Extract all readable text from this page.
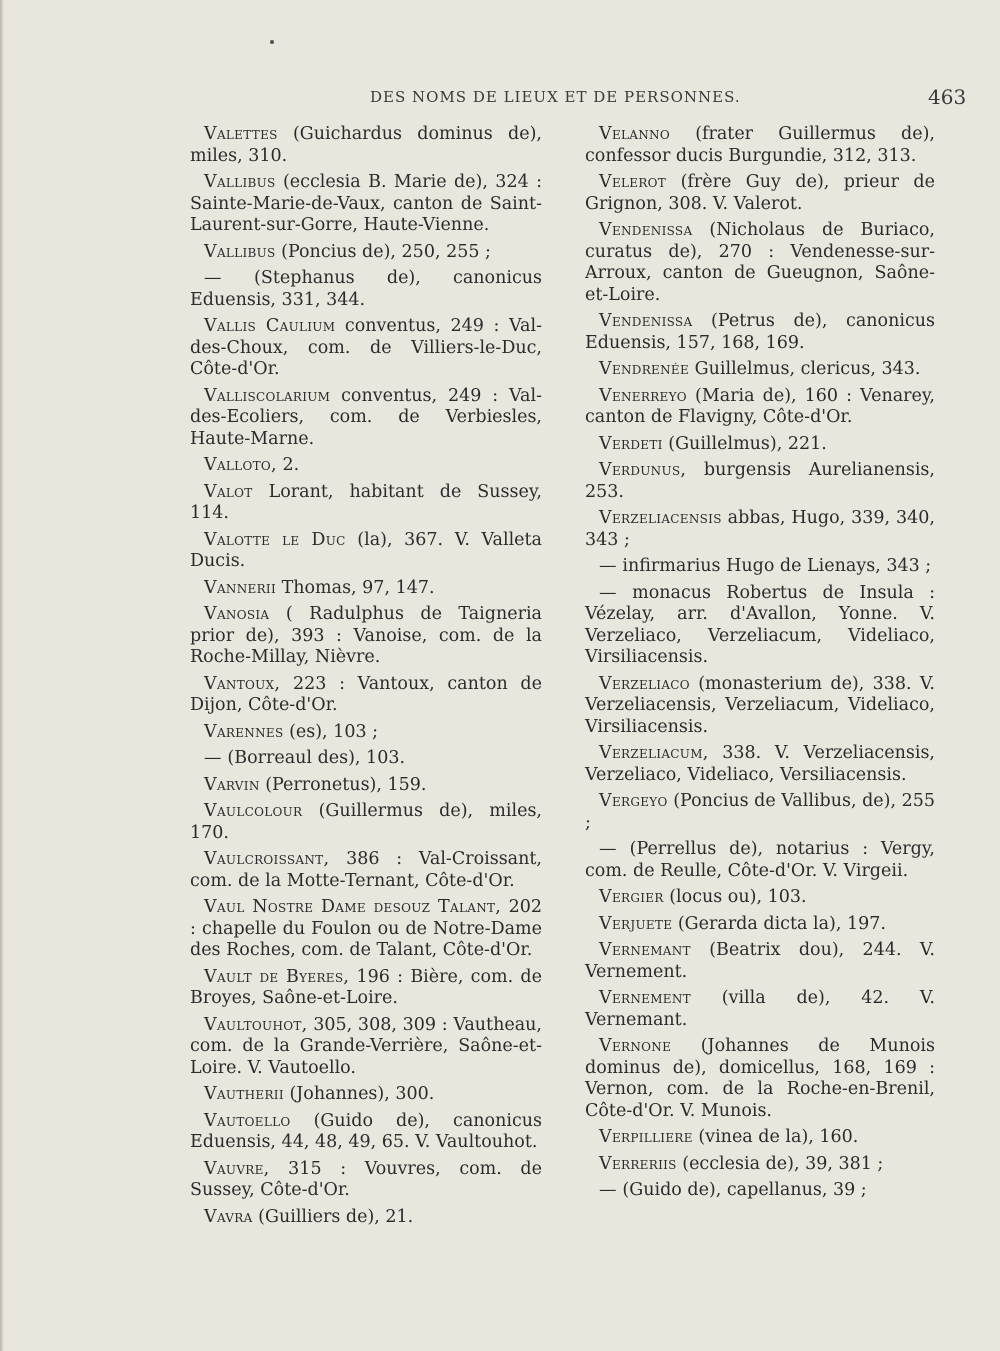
DES NOMS DE LIEUX ET DE PERSONNES.	463

Valettes (Guichardus dominus de), miles, 310.

Vallibus (ecclesia B. Marie de), 324 : Sainte-Marie-de-Vaux, canton de Saint-Laurent-sur-Gorre, Haute-Vienne.

Vallibus (Poncius de), 250, 255 ;

— (Stephanus de), canonicus Eduensis, 331, 344.

Vallis Caulium conventus, 249 : Val-des-Choux, com. de Villiers-le-Duc, Côte-d'Or.

Valliscolarium conventus, 249 : Val-des-Ecoliers, com. de Verbiesles, Haute-Marne.

Valloto, 2.

Valot Lorant, habitant de Sussey, 114.

Valotte le Duc (la), 367. V. Valleta Ducis.

Vannerii Thomas, 97, 147.

Vanosia ( Radulphus de Taigneria prior de), 393 : Vanoise, com. de la Roche-Millay, Nièvre.

Vantoux, 223 : Vantoux, canton de Dijon, Côte-d'Or.

Varennes (es), 103 ;

— (Borreaul des), 103.

Varvin (Perronetus), 159.

Vaulcolour (Guillermus de), miles, 170.

Vaulcroissant, 386 : Val-Croissant, com. de la Motte-Ternant, Côte-d'Or.

Vaul Nostre Dame desouz Talant, 202 : chapelle du Foulon ou de Notre-Dame des Roches, com. de Talant, Côte-d'Or.

Vault de Byeres, 196 : Bière, com. de Broyes, Saône-et-Loire.

Vaultouhot, 305, 308, 309 : Vautheau, com. de la Grande-Verrière, Saône-et-Loire. V. Vautoello.

Vautherii (Johannes), 300.

Vautoello (Guido de), canonicus Eduensis, 44, 48, 49, 65. V. Vaultouhot.

Vauvre, 315 : Vouvres, com. de Sussey, Côte-d'Or.

Vavra (Guilliers de), 21.

Velanno (frater Guillermus de), confessor ducis Burgundie, 312, 313.

Velerot (frère Guy de), prieur de Grignon, 308. V. Valerot.

Vendenissa (Nicholaus de Buriaco, curatus de), 270 : Vendenesse-sur-Arroux, canton de Gueugnon, Saône-et-Loire.

Vendenissa (Petrus de), canonicus Eduensis, 157, 168, 169.

Vendrenée Guillelmus, clericus, 343.

Venerreyo (Maria de), 160 : Venarey, canton de Flavigny, Côte-d'Or.

Verdeti (Guillelmus), 221.

Verdunus, burgensis Aurelianensis, 253.

Verzeliacensis abbas, Hugo, 339, 340, 343 ;

— infirmarius Hugo de Lienays, 343 ;

— monacus Robertus de Insula : Vézelay, arr. d'Avallon, Yonne. V. Verzeliaco, Verzeliacum, Videliaco, Virsiliacensis.

Verzeliaco (monasterium de), 338. V. Verzeliacensis, Verzeliacum, Videliaco, Virsiliacensis.

Verzeliacum, 338. V. Verzeliacensis, Verzeliaco, Videliaco, Versiliacensis.

Vergeyo (Poncius de Vallibus, de), 255 ;

— (Perrellus de), notarius : Vergy, com. de Reulle, Côte-d'Or. V. Virgeii.

Vergier (locus ou), 103.

Verjuete (Gerarda dicta la), 197.

Vernemant (Beatrix dou), 244. V. Vernement.

Vernement (villa de), 42. V. Vernemant.

Vernone (Johannes de Munois dominus de), domicellus, 168, 169 : Vernon, com. de la Roche-en-Brenil, Côte-d'Or. V. Munois.

Verpilliere (vinea de la), 160.

Verreriis (ecclesia de), 39, 381 ;

— (Guido de), capellanus, 39 ;
